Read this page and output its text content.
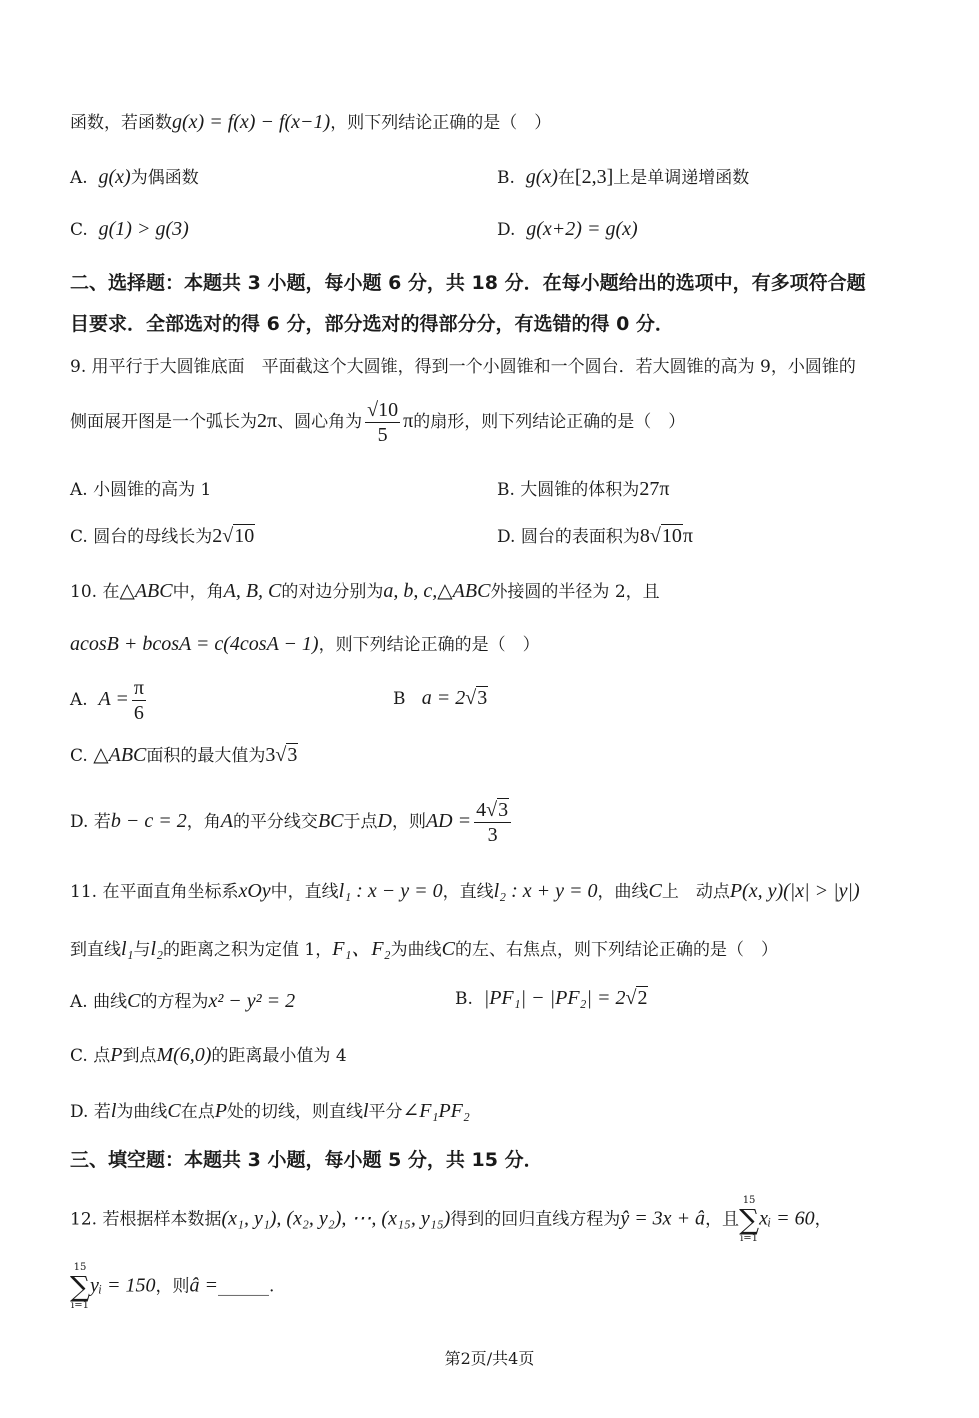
函数，若函数g(x) = f(x) − f(x−1)，则下列结论正确的是（　）
A. g(x)为偶函数	B. g(x)在[2,3]上是单调递增函数
C. g(1) > g(3)	D. g(x+2) = g(x)
二、选择题：本题共 3 小题，每小题 6 分，共 18 分．在每小题给出的选项中，有多项符合题
目要求．全部选对的得 6 分，部分选对的得部分分，有选错的得 0 分．
9. 用平行于大圆锥底面　平面截这个大圆锥，得到一个小圆锥和一个圆台．若大圆锥的高为 9，小圆锥的
侧面展开图是一个弧长为2π、圆心角为 $\frac{√10}{5}$ π的扇形，则下列结论正确的是（　）
A. 小圆锥的高为 1	B. 大圆锥的体积为27π
C. 圆台的母线长为2√10	D. 圆台的表面积为8√10π
10. 在△ABC中，角A, B, C的对边分别为a, b, c,△ABC外接圆的半径为 2，且
acosB + bcosA = c(4cosA − 1)，则下列结论正确的是（　）
A. $A = \frac{\pi}{6}$	B a = 2√3
C. △ABC面积的最大值为3√3
D. 若b − c = 2，角A的平分线交BC于点D，则AD = $\frac{4√3}{3}$
11. 在平面直角坐标系xOy中，直线l₁ : x − y = 0，直线l₂ : x + y = 0，曲线C上　动点P(x, y)(|x| > |y|)
到直线l₁与l₂的距离之积为定值 1，F₁、F₂为曲线C的左、右焦点，则下列结论正确的是（　）
A. 曲线C的方程为x² − y² = 2	B. |PF₁| − |PF₂| = 2√2
C. 点P到点M(6,0)的距离最小值为 4
D. 若l为曲线C在点P处的切线，则直线l平分∠F₁PF₂
三、填空题：本题共 3 小题，每小题 5 分，共 15 分．
12. 若根据样本数据(x₁, y₁), (x₂, y₂), ⋯, (x₁₅, y₁₅)得到的回归直线方程为ŷ = 3x + â，且
15
∑
i=1
xᵢ = 60，
15
∑
i=1
yᵢ = 150，则â =______.
第2页/共4页
